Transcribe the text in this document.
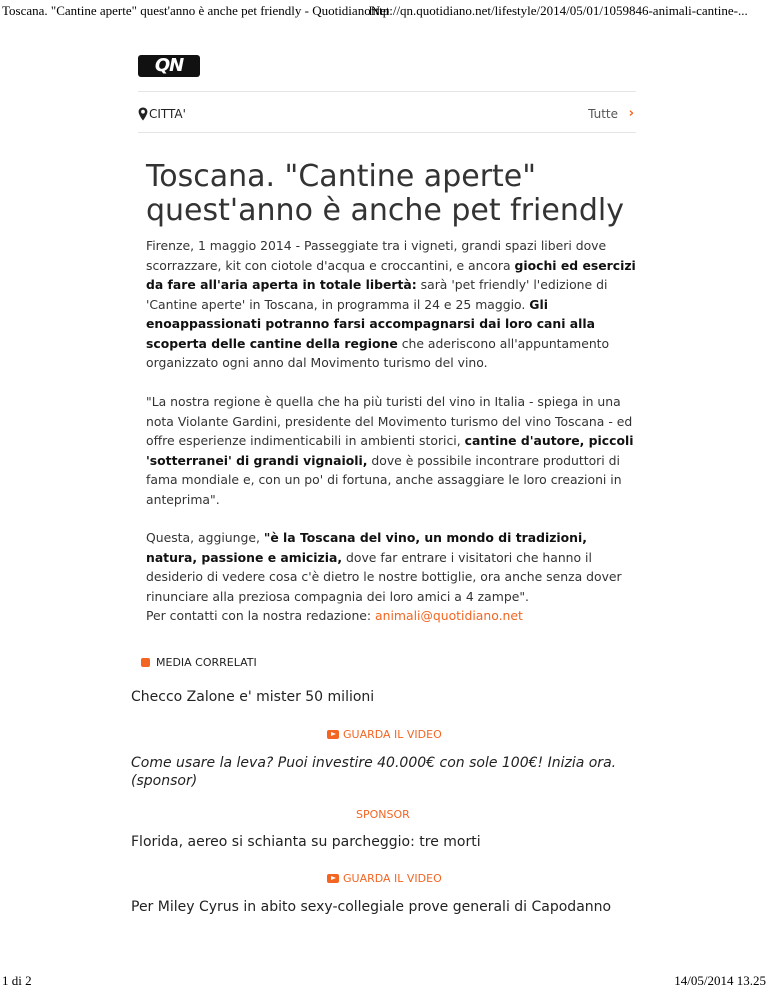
Toscana. "Cantine aperte" quest'anno è anche pet friendly - QuotidianoNet
http://qn.quotidiano.net/lifestyle/2014/05/01/1059846-animali-cantine-...
QN
CITTA'	Tutte ›
Toscana. "Cantine aperte" quest'anno è anche pet friendly

Firenze, 1 maggio 2014 - Passeggiate tra i vigneti, grandi spazi liberi dove scorrazzare, kit con ciotole d'acqua e croccantini, e ancora giochi ed esercizi da fare all'aria aperta in totale libertà: sarà 'pet friendly' l'edizione di 'Cantine aperte' in Toscana, in programma il 24 e 25 maggio. Gli enoappassionati potranno farsi accompagnarsi dai loro cani alla scoperta delle cantine della regione che aderiscono all'appuntamento organizzato ogni anno dal Movimento turismo del vino.

"La nostra regione è quella che ha più turisti del vino in Italia - spiega in una nota Violante Gardini, presidente del Movimento turismo del vino Toscana - ed offre esperienze indimenticabili in ambienti storici, cantine d'autore, piccoli 'sotterranei' di grandi vignaioli, dove è possibile incontrare produttori di fama mondiale e, con un po' di fortuna, anche assaggiare le loro creazioni in anteprima".

Questa, aggiunge, "è la Toscana del vino, un mondo di tradizioni, natura, passione e amicizia, dove far entrare i visitatori che hanno il desiderio di vedere cosa c'è dietro le nostre bottiglie, ora anche senza dover rinunciare alla preziosa compagnia dei loro amici a 4 zampe".
Per contatti con la nostra redazione: animali@quotidiano.net

MEDIA CORRELATI

Checco Zalone e' mister 50 milioni

GUARDA IL VIDEO

Come usare la leva? Puoi investire 40.000€ con sole 100€! Inizia ora. (sponsor)

SPONSOR

Florida, aereo si schianta su parcheggio: tre morti

GUARDA IL VIDEO

Per Miley Cyrus in abito sexy-collegiale prove generali di Capodanno

1 di 2	14/05/2014 13.25
